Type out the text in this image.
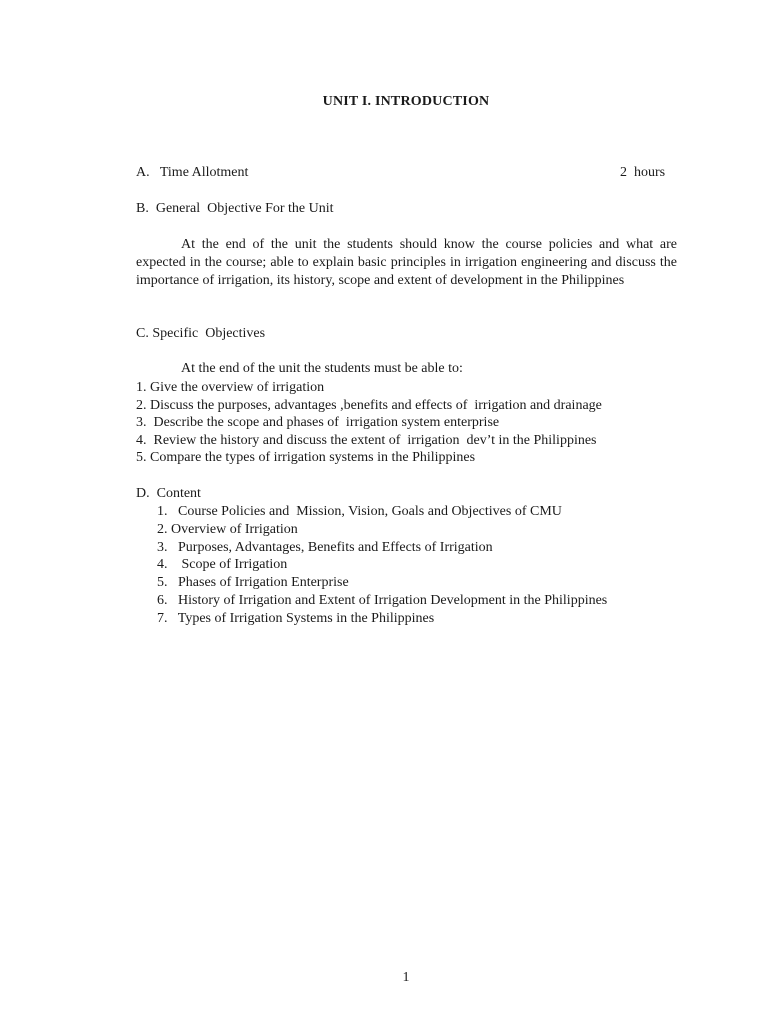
UNIT I. INTRODUCTION
A.   Time Allotment	2  hours
B.  General  Objective For the Unit
At the end of the unit the students should know the course policies and what are expected in the course; able to explain basic principles in irrigation engineering and discuss the importance of irrigation, its history, scope and extent of development in the Philippines
C. Specific  Objectives
At the end of the unit the students must be able to:
1. Give the overview of irrigation
2. Discuss the purposes, advantages ,benefits and effects of  irrigation and drainage
3.  Describe the scope and phases of  irrigation system enterprise
4.  Review the history and discuss the extent of  irrigation  dev’t in the Philippines
5. Compare the types of irrigation systems in the Philippines
D.  Content
1.   Course Policies and  Mission, Vision, Goals and Objectives of CMU
2. Overview of Irrigation
3.   Purposes, Advantages, Benefits and Effects of Irrigation
4.    Scope of Irrigation
5.   Phases of Irrigation Enterprise
6.   History of Irrigation and Extent of Irrigation Development in the Philippines
7.   Types of Irrigation Systems in the Philippines
1
